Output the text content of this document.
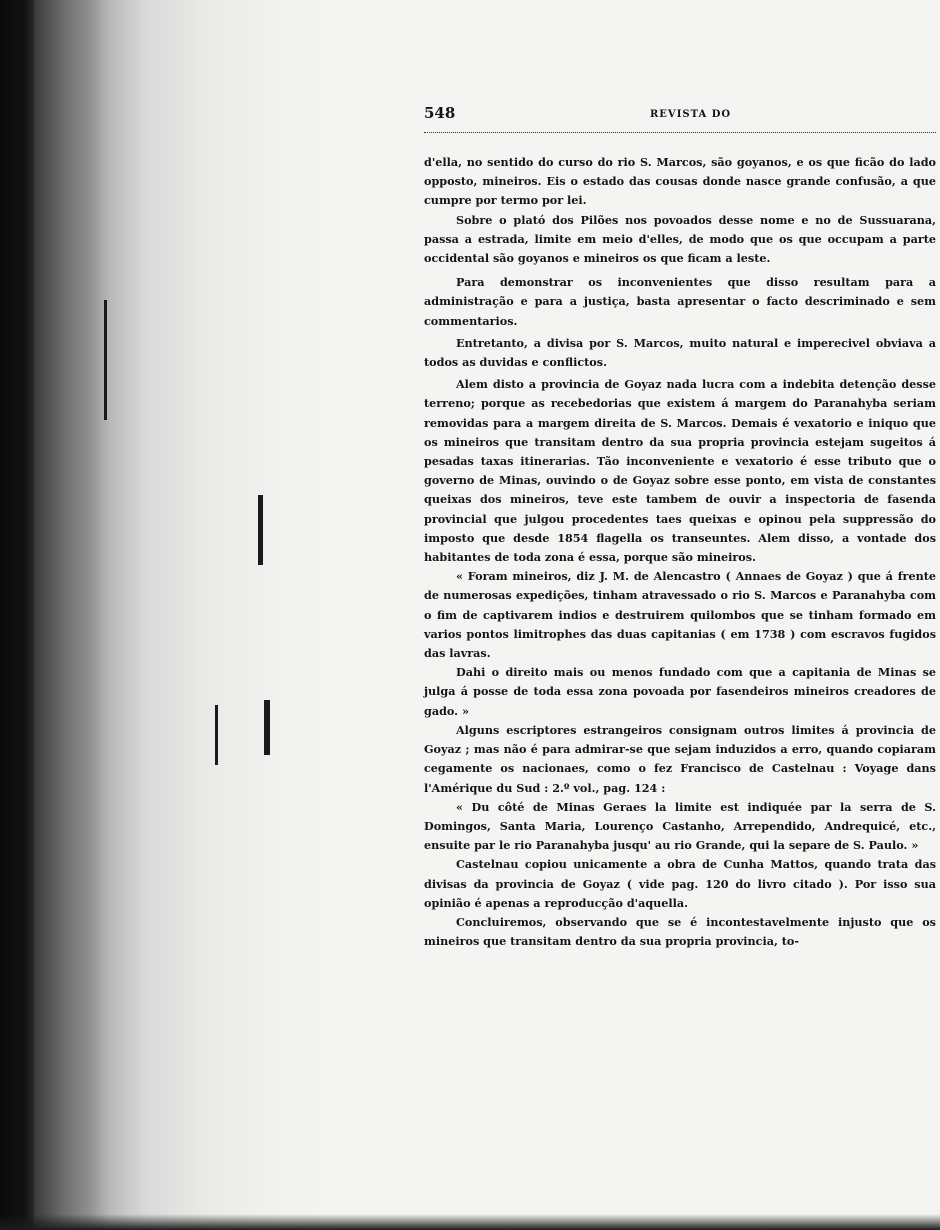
548	REVISTA DO

d'ella, no sentido do curso do rio S. Marcos, são goyanos, e os que ficão do lado opposto, mineiros. Eis o estado das cousas donde nasce grande confusão, a que cumpre por termo por lei.

Sobre o plató dos Pilões nos povoados desse nome e no de Sussuarana, passa a estrada, limite em meio d'elles, de modo que os que occupam a parte occidental são goyanos e mineiros os que ficam a leste.

Para demonstrar os inconvenientes que disso resultam para a administração e para a justiça, basta apresentar o facto descriminado e sem commentarios.

Entretanto, a divisa por S. Marcos, muito natural e imperecivel obviava a todos as duvidas e conflictos.

Alem disto a provincia de Goyaz nada lucra com a indebita detenção desse terreno; porque as recebedorias que existem á margem do Paranahyba seriam removidas para a margem direita de S. Marcos. Demais é vexatorio e iniquo que os mineiros que transitam dentro da sua propria provincia estejam sugeitos á pesadas taxas itinerarias. Tão inconveniente e vexatorio é esse tributo que o governo de Minas, ouvindo o de Goyaz sobre esse ponto, em vista de constantes queixas dos mineiros, teve este tambem de ouvir a inspectoria de fasenda provincial que julgou procedentes taes queixas e opinou pela suppressão do imposto que desde 1854 flagella os transeuntes. Alem disso, a vontade dos habitantes de toda zona é essa, porque são mineiros.

« Foram mineiros, diz J. M. de Alencastro ( Annaes de Goyaz ) que á frente de numerosas expedições, tinham atravessado o rio S. Marcos e Paranahyba com o fim de captivarem indios e destruirem quilombos que se tinham formado em varios pontos limitrophes das duas capitanias ( em 1738 ) com escravos fugidos das lavras.

Dahi o direito mais ou menos fundado com que a capitania de Minas se julga á posse de toda essa zona povoada por fasendeiros mineiros creadores de gado. »

Alguns escriptores estrangeiros consignam outros limites á provincia de Goyaz ; mas não é para admirar-se que sejam induzidos a erro, quando copiaram cegamente os nacionaes, como o fez Francisco de Castelnau : Voyage dans l'Amérique du Sud : 2.º vol., pag. 124 :

« Du côté de Minas Geraes la limite est indiquée par la serra de S. Domingos, Santa Maria, Lourenço Castanho, Arrependido, Andrequicé, etc., ensuite par le rio Paranahyba jusqu' au rio Grande, qui la separe de S. Paulo. »

Castelnau copiou unicamente a obra de Cunha Mattos, quando trata das divisas da provincia de Goyaz ( vide pag. 120 do livro citado ). Por isso sua opinião é apenas a reproducção d'aquella.

Concluiremos, observando que se é incontestavelmente injusto que os mineiros que transitam dentro da sua propria provincia, to-
